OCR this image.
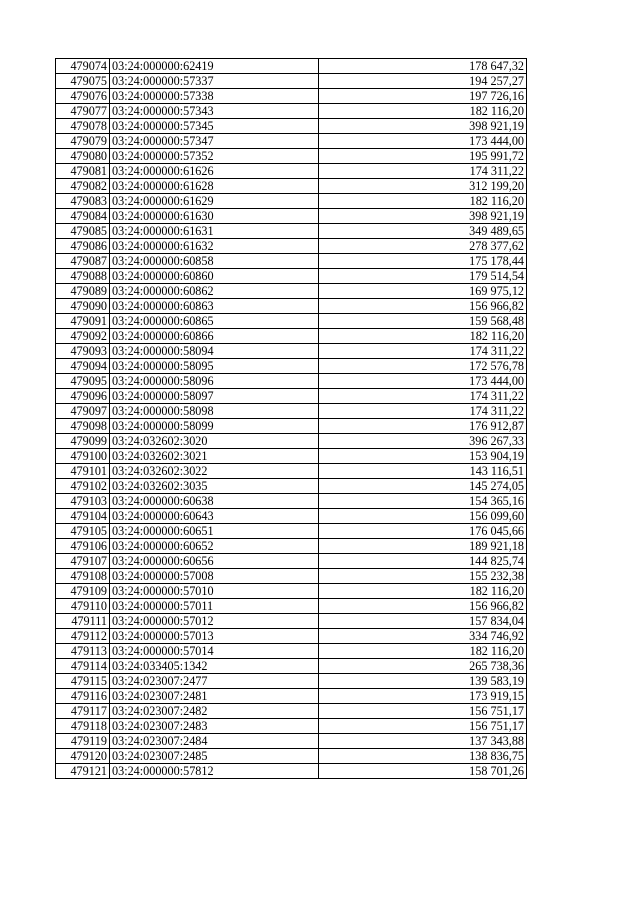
479074	03:24:000000:62419	178 647,32
479075	03:24:000000:57337	194 257,27
479076	03:24:000000:57338	197 726,16
479077	03:24:000000:57343	182 116,20
479078	03:24:000000:57345	398 921,19
479079	03:24:000000:57347	173 444,00
479080	03:24:000000:57352	195 991,72
479081	03:24:000000:61626	174 311,22
479082	03:24:000000:61628	312 199,20
479083	03:24:000000:61629	182 116,20
479084	03:24:000000:61630	398 921,19
479085	03:24:000000:61631	349 489,65
479086	03:24:000000:61632	278 377,62
479087	03:24:000000:60858	175 178,44
479088	03:24:000000:60860	179 514,54
479089	03:24:000000:60862	169 975,12
479090	03:24:000000:60863	156 966,82
479091	03:24:000000:60865	159 568,48
479092	03:24:000000:60866	182 116,20
479093	03:24:000000:58094	174 311,22
479094	03:24:000000:58095	172 576,78
479095	03:24:000000:58096	173 444,00
479096	03:24:000000:58097	174 311,22
479097	03:24:000000:58098	174 311,22
479098	03:24:000000:58099	176 912,87
479099	03:24:032602:3020	396 267,33
479100	03:24:032602:3021	153 904,19
479101	03:24:032602:3022	143 116,51
479102	03:24:032602:3035	145 274,05
479103	03:24:000000:60638	154 365,16
479104	03:24:000000:60643	156 099,60
479105	03:24:000000:60651	176 045,66
479106	03:24:000000:60652	189 921,18
479107	03:24:000000:60656	144 825,74
479108	03:24:000000:57008	155 232,38
479109	03:24:000000:57010	182 116,20
479110	03:24:000000:57011	156 966,82
479111	03:24:000000:57012	157 834,04
479112	03:24:000000:57013	334 746,92
479113	03:24:000000:57014	182 116,20
479114	03:24:033405:1342	265 738,36
479115	03:24:023007:2477	139 583,19
479116	03:24:023007:2481	173 919,15
479117	03:24:023007:2482	156 751,17
479118	03:24:023007:2483	156 751,17
479119	03:24:023007:2484	137 343,88
479120	03:24:023007:2485	138 836,75
479121	03:24:000000:57812	158 701,26
